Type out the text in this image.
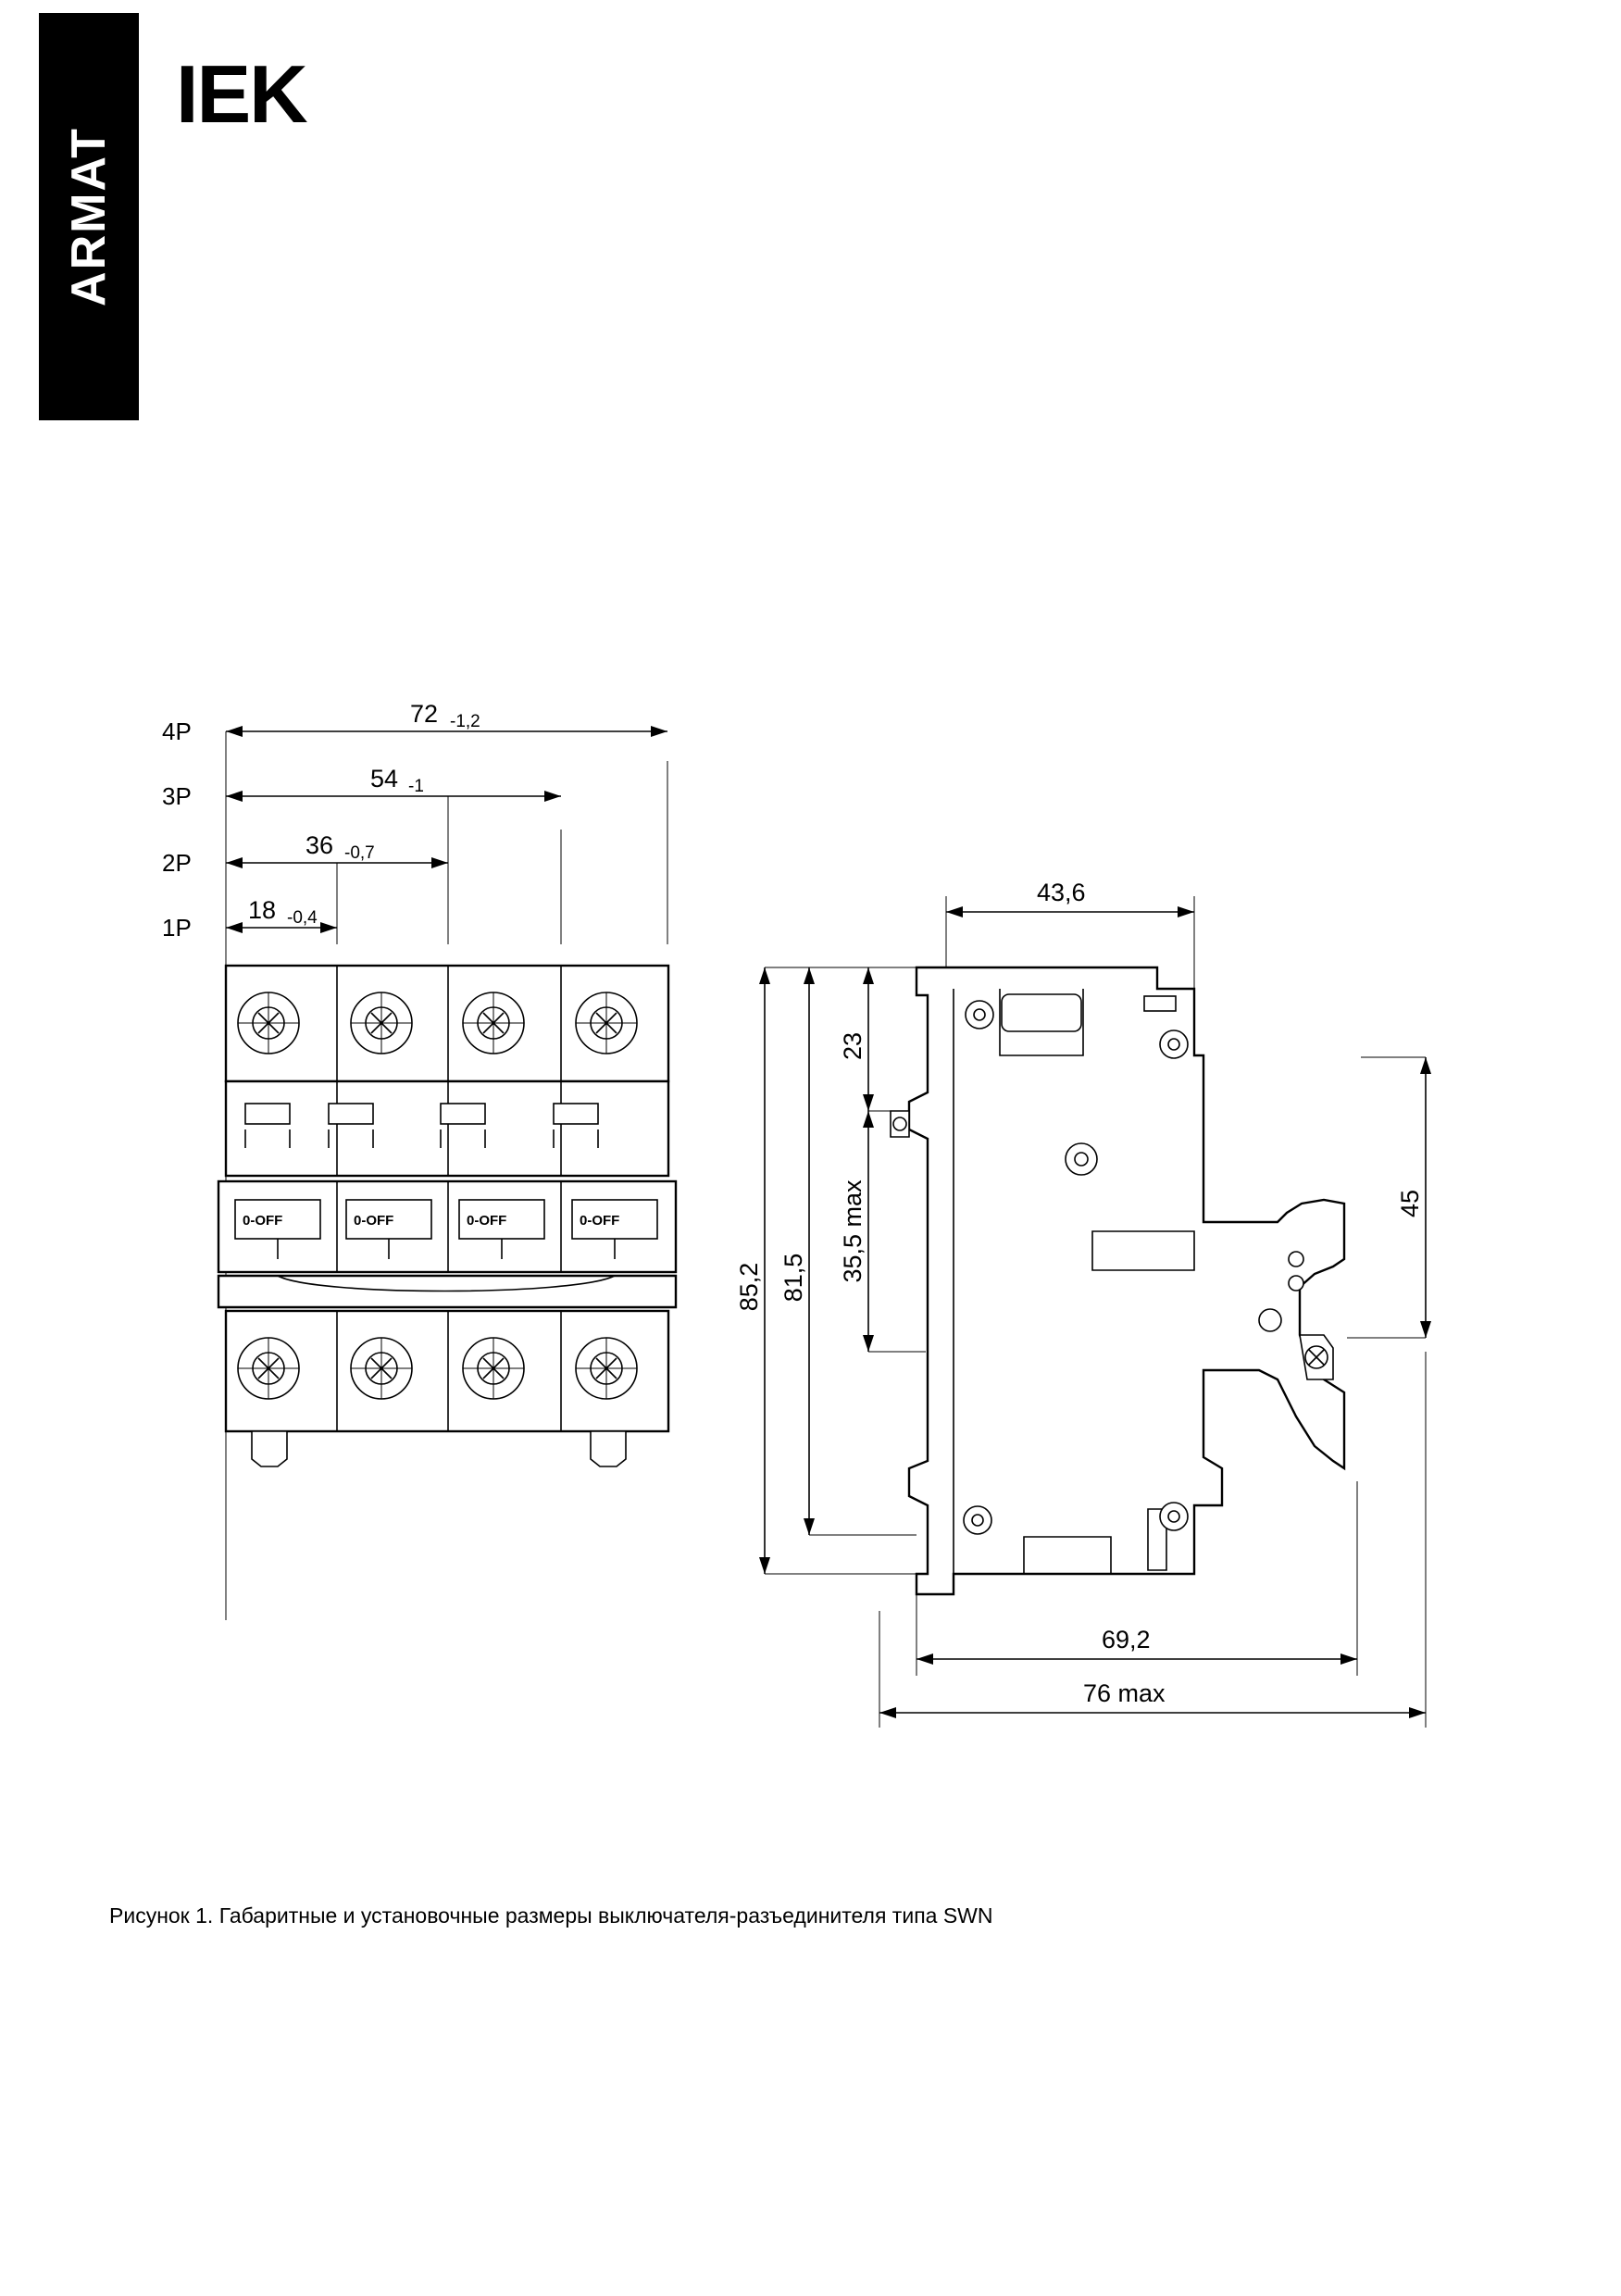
ARMAT
IEK
72 -1,2
54 -1
36 -0,7
18 -0,4
4P
3P
2P
1P
0-OFF	0-OFF	0-OFF	0-OFF
43,6
85,2 81,5
23
35,5 max	45
69,2
76 max
Рисунок 1. Габаритные и установочные размеры выключателя-разъединителя типа SWN
